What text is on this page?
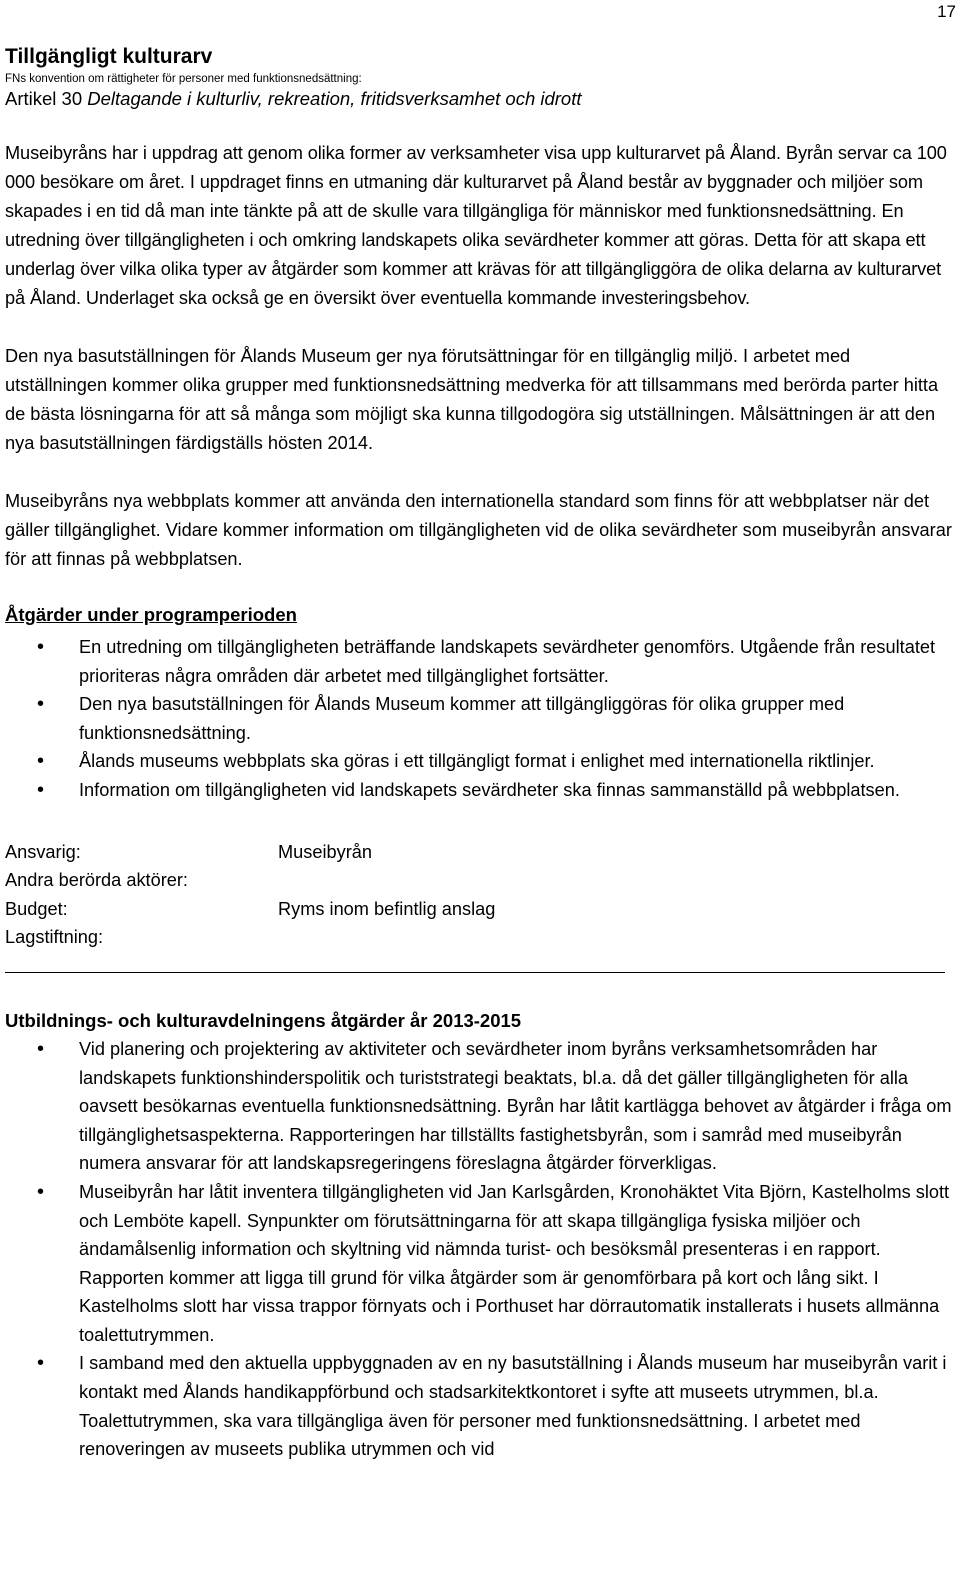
17
Tillgängligt kulturarv
FNs konvention om rättigheter för personer med funktionsnedsättning:
Artikel 30 Deltagande i kulturliv, rekreation, fritidsverksamhet och idrott

Museibyråns har i uppdrag att genom olika former av verksamheter visa upp kulturarvet på Åland. Byrån servar ca 100 000 besökare om året. I uppdraget finns en utmaning där kulturarvet på Åland består av byggnader och miljöer som skapades i en tid då man inte tänkte på att de skulle vara tillgängliga för människor med funktionsnedsättning. En utredning över tillgängligheten i och omkring landskapets olika sevärdheter kommer att göras. Detta för att skapa ett underlag över vilka olika typer av åtgärder som kommer att krävas för att tillgängliggöra de olika delarna av kulturarvet på Åland. Underlaget ska också ge en översikt över eventuella kommande investeringsbehov.

Den nya basutställningen för Ålands Museum ger nya förutsättningar för en tillgänglig miljö. I arbetet med utställningen kommer olika grupper med funktionsnedsättning medverka för att tillsammans med berörda parter hitta de bästa lösningarna för att så många som möjligt ska kunna tillgodogöra sig utställningen. Målsättningen är att den nya basutställningen färdigställs hösten 2014.

Museibyråns nya webbplats kommer att använda den internationella standard som finns för att webbplatser när det gäller tillgänglighet. Vidare kommer information om tillgängligheten vid de olika sevärdheter som museibyrån ansvarar för att finnas på webbplatsen.

Åtgärder under programperioden
• En utredning om tillgängligheten beträffande landskapets sevärdheter genomförs. Utgående från resultatet prioriteras några områden där arbetet med tillgänglighet fortsätter.
• Den nya basutställningen för Ålands Museum kommer att tillgängliggöras för olika grupper med funktionsnedsättning.
• Ålands museums webbplats ska göras i ett tillgängligt format i enlighet med internationella riktlinjer.
• Information om tillgängligheten vid landskapets sevärdheter ska finnas sammanställd på webbplatsen.
Ansvarig:	Museibyrån
Andra berörda aktörer:
Budget:	Ryms inom befintlig anslag
Lagstiftning:
Utbildnings- och kulturavdelningens åtgärder år 2013-2015
• Vid planering och projektering av aktiviteter och sevärdheter inom byråns verksamhetsområden har landskapets funktionshinderspolitik och turiststrategi beaktats, bl.a. då det gäller tillgängligheten för alla oavsett besökarnas eventuella funktionsnedsättning. Byrån har låtit kartlägga behovet av åtgärder i fråga om tillgänglighetsaspekterna. Rapporteringen har tillställts fastighetsbyrån, som i samråd med museibyrån numera ansvarar för att landskapsregeringens föreslagna åtgärder förverkligas.
• Museibyrån har låtit inventera tillgängligheten vid Jan Karlsgården, Kronohäktet Vita Björn, Kastelholms slott och Lemböte kapell. Synpunkter om förutsättningarna för att skapa tillgängliga fysiska miljöer och ändamålsenlig information och skyltning vid nämnda turist- och besöksmål presenteras i en rapport. Rapporten kommer att ligga till grund för vilka åtgärder som är genomförbara på kort och lång sikt. I Kastelholms slott har vissa trappor förnyats och i Porthuset har dörrautomatik installerats i husets allmänna toalettutrymmen.
• I samband med den aktuella uppbyggnaden av en ny basutställning i Ålands museum har museibyrån varit i kontakt med Ålands handikappförbund och stadsarkitektkontoret i syfte att museets utrymmen, bl.a. Toalettutrymmen, ska vara tillgängliga även för personer med funktionsnedsättning. I arbetet med renoveringen av museets publika utrymmen och vid
